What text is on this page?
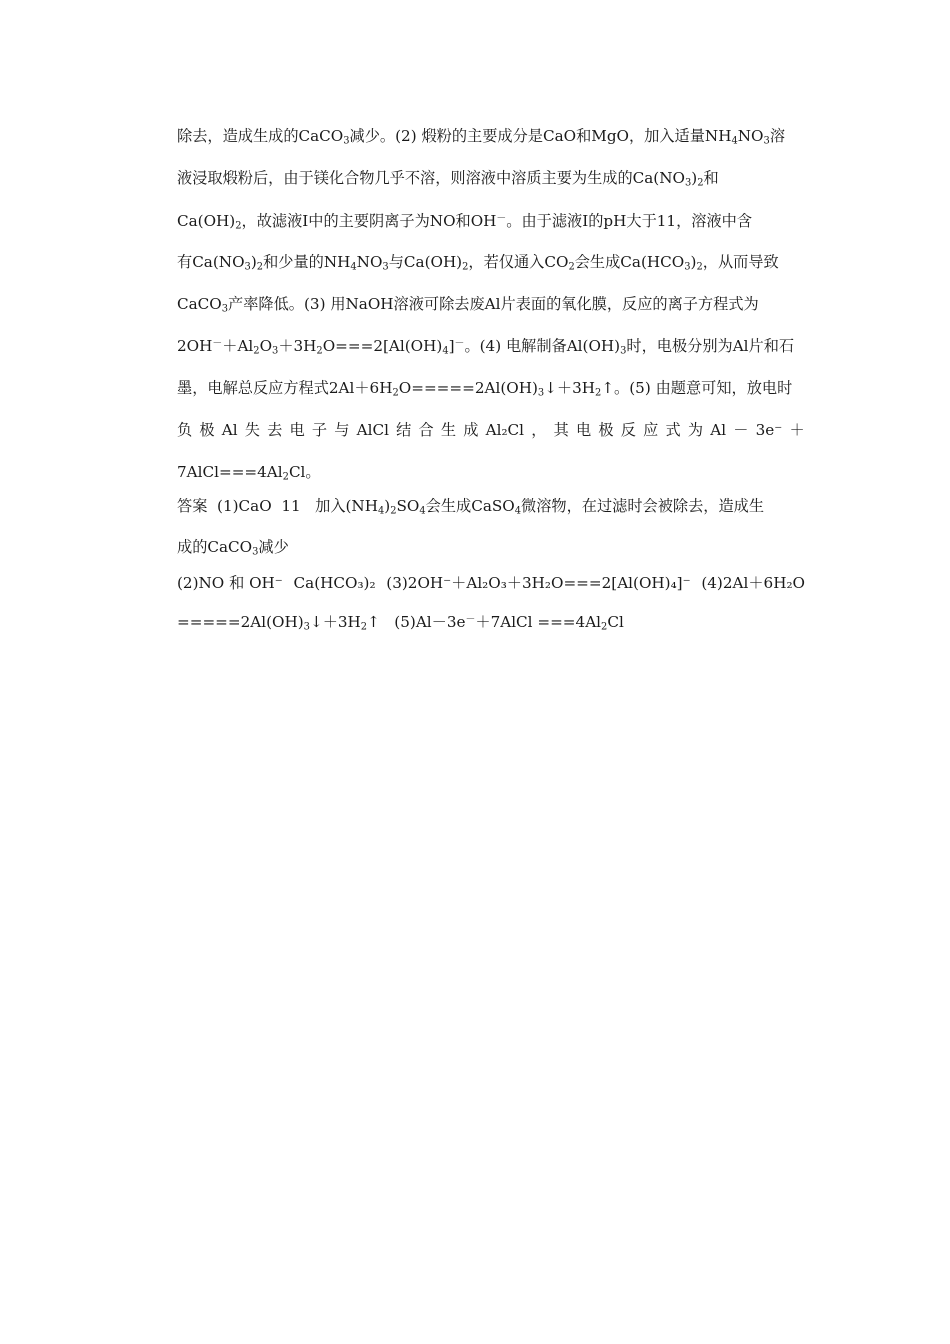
除去，造成生成的CaCO$_3$减少。(2) 煅粉的主要成分是CaO和MgO，加入适量$NH_4NO_3$溶
液浸取煅粉后，由于镁化合物几乎不溶，则溶液中溶质主要为生成的$Ca(NO_3)_2$和
$Ca(OH)_2$，故滤液Ⅰ中的主要阴离子为NO和OH－。由于滤液Ⅰ的pH大于11，溶液中含
有$Ca(NO_3)_2$和少量的$NH_4NO_3$与$Ca(OH)_2$，若仅通入$CO_2$会生成$Ca(HCO_3)_2$，从而导致
CaCO$_3$产率降低。(3) 用NaOH溶液可除去废Al片表面的氧化膜，反应的离子方程式为
$2OH^-+Al_2O_3+3H_2O===2[Al(OH)_4]^-$。(4) 电解制备$Al(OH)_3$时，电极分别为Al片和石
墨，电解总反应方程式$2Al+6H_2O=====2Al(OH)_3↓+3H_2↑$。(5) 由题意可知，放电时
负 极 Al 失 去 电 子 与 AlCl 结 合 生 成 Al₂Cl ， 其 电 极 反 应 式 为 Al － 3e⁻ ＋
$7AlCl===4Al_2Cl$。
答案  (1)CaO  11   加入$(NH_4)_2SO_4$会生成CaSO$_4$微溶物，在过滤时会被除去，造成生
成的CaCO$_3$减少
(2)NO 和 OH⁻ Ca(HCO₃)₂ (3)2OH⁻＋Al₂O₃＋3H₂O===2[Al(OH)₄]⁻ (4)2Al＋6H₂O
$=====2Al(OH)_3↓+3H_2↑$   (5)Al－3e－＋7AlCl $===4Al_2Cl$
